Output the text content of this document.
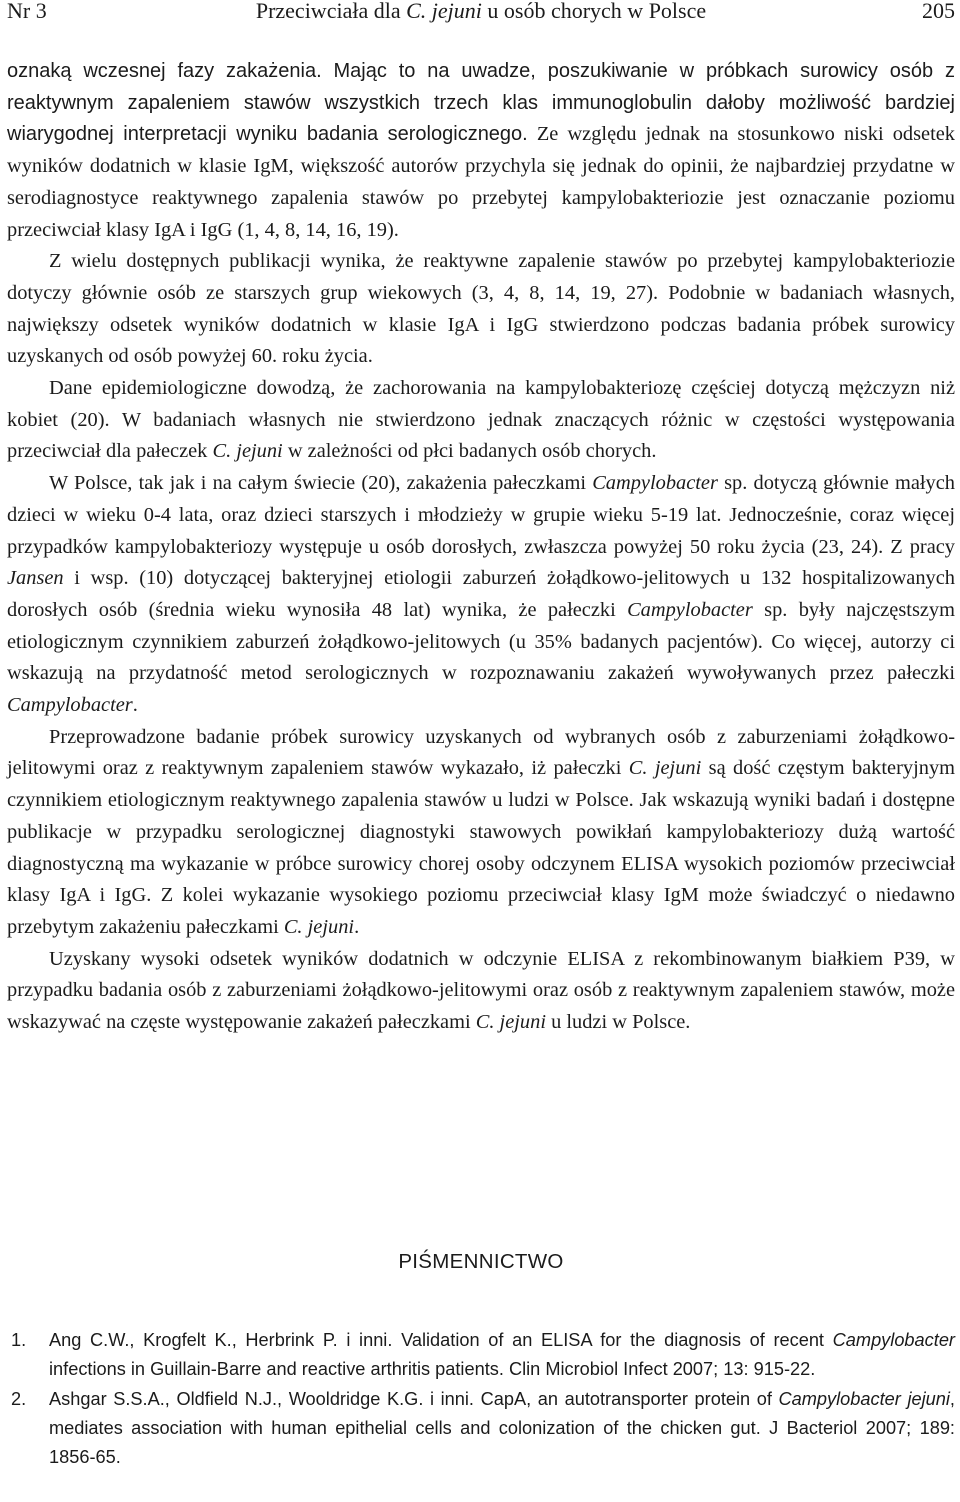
Nr 3	Przeciwciała dla C. jejuni u osób chorych w Polsce	205

oznaką wczesnej fazy zakażenia. Mając to na uwadze, poszukiwanie w próbkach surowicy osób z reaktywnym zapaleniem stawów wszystkich trzech klas immunoglobulin dałoby możliwość bardziej wiarygodnej interpretacji wyniku badania serologicznego. Ze względu jednak na stosunkowo niski odsetek wyników dodatnich w klasie IgM, większość autorów przychyla się jednak do opinii, że najbardziej przydatne w serodiagnostyce reaktywnego zapalenia stawów po przebytej kampylobakteriozie jest oznaczanie poziomu przeciwciał klasy IgA i IgG (1, 4, 8, 14, 16, 19).

Z wielu dostępnych publikacji wynika, że reaktywne zapalenie stawów po przebytej kampylobakteriozie dotyczy głównie osób ze starszych grup wiekowych (3, 4, 8, 14, 19, 27). Podobnie w badaniach własnych, największy odsetek wyników dodatnich w klasie IgA i IgG stwierdzono podczas badania próbek surowicy uzyskanych od osób powyżej 60. roku życia.

Dane epidemiologiczne dowodzą, że zachorowania na kampylobakteriozę częściej dotyczą mężczyzn niż kobiet (20). W badaniach własnych nie stwierdzono jednak znaczących różnic w częstości występowania przeciwciał dla pałeczek C. jejuni w zależności od płci badanych osób chorych.

W Polsce, tak jak i na całym świecie (20), zakażenia pałeczkami Campylobacter sp. dotyczą głównie małych dzieci w wieku 0-4 lata, oraz dzieci starszych i młodzieży w grupie wieku 5-19 lat. Jednocześnie, coraz więcej przypadków kampylobakteriozy występuje u osób dorosłych, zwłaszcza powyżej 50 roku życia (23, 24). Z pracy Jansen i wsp. (10) dotyczącej bakteryjnej etiologii zaburzeń żołądkowo-jelitowych u 132 hospitalizowanych dorosłych osób (średnia wieku wynosiła 48 lat) wynika, że pałeczki Campylobacter sp. były najczęstszym etiologicznym czynnikiem zaburzeń żołądkowo-jelitowych (u 35% badanych pacjentów). Co więcej, autorzy ci wskazują na przydatność metod serologicznych w rozpoznawaniu zakażeń wywoływanych przez pałeczki Campylobacter.

Przeprowadzone badanie próbek surowicy uzyskanych od wybranych osób z zaburzeniami żołądkowo-jelitowymi oraz z reaktywnym zapaleniem stawów wykazało, iż pałeczki C. jejuni są dość częstym bakteryjnym czynnikiem etiologicznym reaktywnego zapalenia stawów u ludzi w Polsce. Jak wskazują wyniki badań i dostępne publikacje w przypadku serologicznej diagnostyki stawowych powikłań kampylobakteriozy dużą wartość diagnostyczną ma wykazanie w próbce surowicy chorej osoby odczynem ELISA wysokich poziomów przeciwciał klasy IgA i IgG. Z kolei wykazanie wysokiego poziomu przeciwciał klasy IgM może świadczyć o niedawno przebytym zakażeniu pałeczkami C. jejuni.

Uzyskany wysoki odsetek wyników dodatnich w odczynie ELISA z rekombinowanym białkiem P39, w przypadku badania osób z zaburzeniami żołądkowo-jelitowymi oraz osób z reaktywnym zapaleniem stawów, może wskazywać na częste występowanie zakażeń pałeczkami C. jejuni u ludzi w Polsce.

PIŚMENNICTWO
1. Ang C.W., Krogfelt K., Herbrink P. i inni. Validation of an ELISA for the diagnosis of recent Campylobacter infections in Guillain-Barre and reactive arthritis patients. Clin Microbiol Infect 2007; 13: 915-22.
2. Ashgar S.S.A., Oldfield N.J., Wooldridge K.G. i inni. CapA, an autotransporter protein of Campylobacter jejuni, mediates association with human epithelial cells and colonization of the chicken gut. J Bacteriol 2007; 189: 1856-65.
